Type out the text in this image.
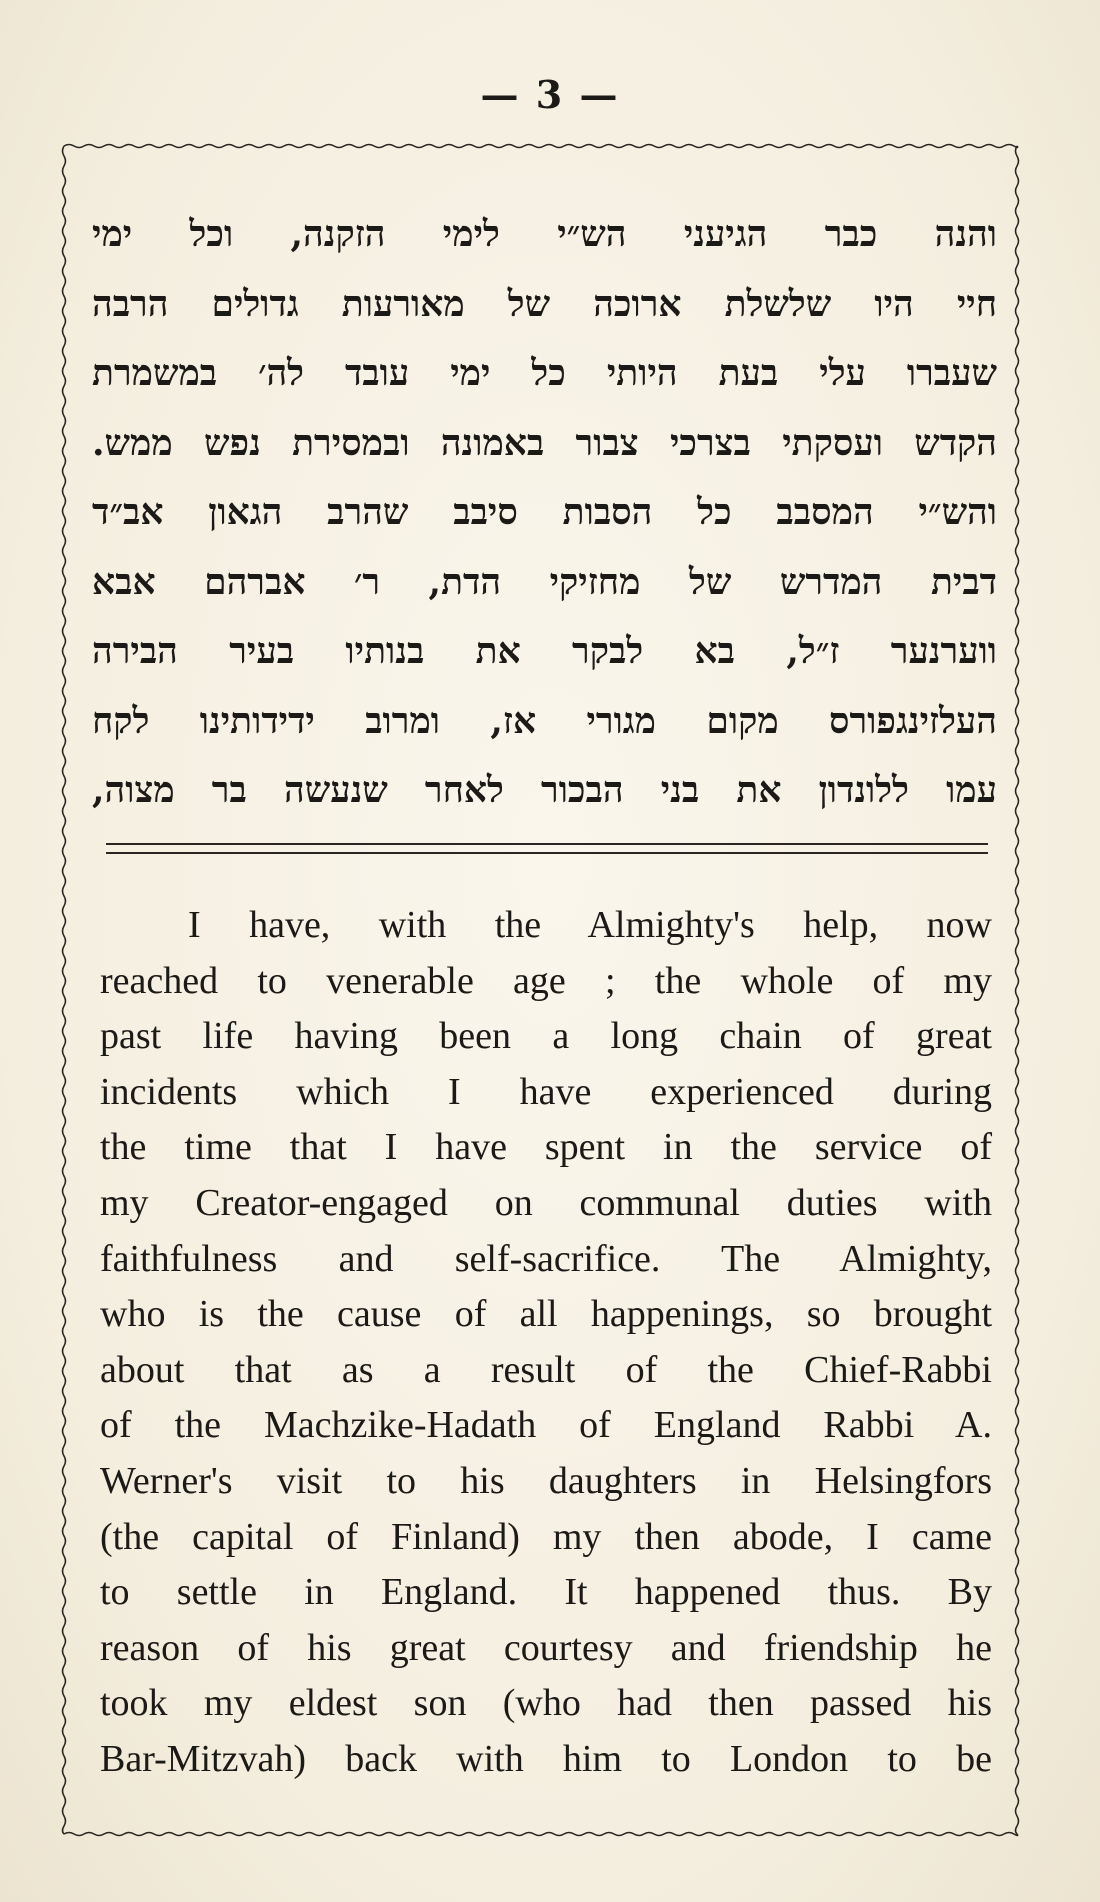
— 3 —
והנה כבר הגיעני הש״י לימי הזקנה, וכל ימי
חיי היו שלשלת ארוכה של מאורעות גדולים הרבה
שעברו עלי בעת היותי כל ימי עובד לה׳ במשמרת
הקדש ועסקתי בצרכי צבור באמונה ובמסירת נפש ממש.
והש״י המסבב כל הסבות סיבב שהרב הגאון אב״ד
דבית המדרש של מחזיקי הדת, ר׳ אברהם אבא
ווערנער ז״ל, בא לבקר את בנותיו בעיר הבירה
העלזינגפורס מקום מגורי אז, ומרוב ידידותינו לקח
עמו ללונדון את בני הבכור לאחר שנעשה בר מצוה,
I have, with the Almighty's help, now
reached to venerable age ; the whole of my
past life having been a long chain of great
incidents which I have experienced during
the time that I have spent in the service of
my Creator-engaged on communal duties with
faithfulness and self-sacrifice. The Almighty,
who is the cause of all happenings, so brought
about that as a result of the Chief-Rabbi
of the Machzike-Hadath of England Rabbi A.
Werner's visit to his daughters in Helsingfors
(the capital of Finland) my then abode, I came
to settle in England. It happened thus. By
reason of his great courtesy and friendship he
took my eldest son (who had then passed his
Bar-Mitzvah) back with him to London to be
